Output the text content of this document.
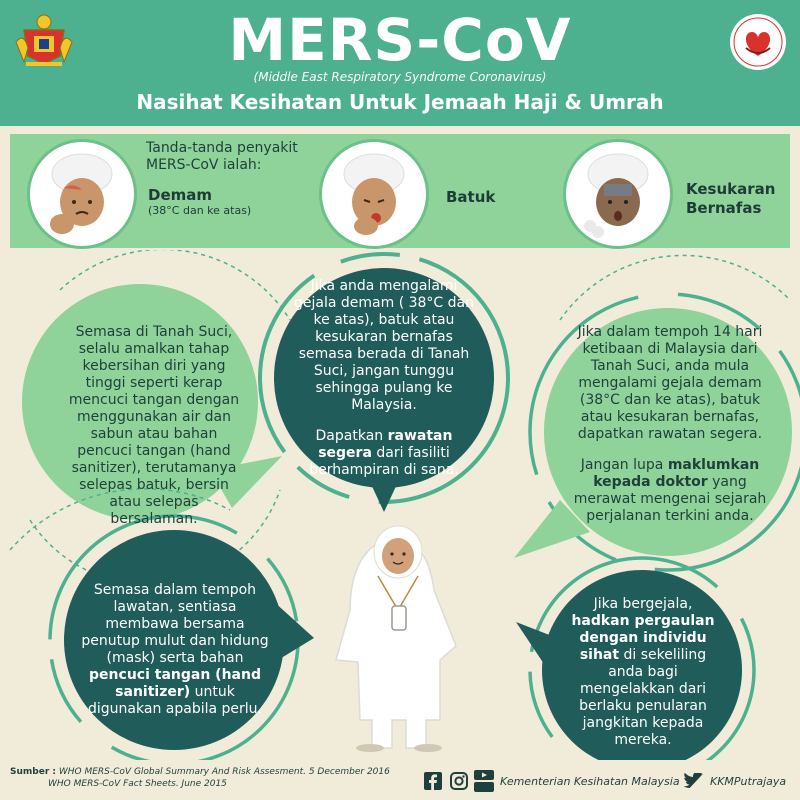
MERS-CoV
(Middle East Respiratory Syndrome Coronavirus)
Nasihat Kesihatan Untuk Jemaah Haji & Umrah
Tanda-tanda penyakit MERS-CoV ialah:
Demam
(38°C dan ke atas)
Batuk	Kesukaran Bernafas
Semasa di Tanah Suci, selalu amalkan tahap kebersihan diri yang tinggi seperti kerap mencuci tangan dengan menggunakan air dan sabun atau bahan pencuci tangan (hand sanitizer), terutamanya selepas batuk, bersin atau selepas bersalaman.

Jika anda mengalami gejala demam ( 38°C dan ke atas), batuk atau kesukaran bernafas semasa berada di Tanah Suci, jangan tunggu sehingga pulang ke Malaysia.

Dapatkan rawatan segera dari fasiliti berhampiran di sana.

Jika dalam tempoh 14 hari ketibaan di Malaysia dari Tanah Suci, anda mula mengalami gejala demam (38°C dan ke atas), batuk atau kesukaran bernafas, dapatkan rawatan segera.

Jangan lupa maklumkan kepada doktor yang merawat mengenai sejarah perjalanan terkini anda.

Semasa dalam tempoh lawatan, sentiasa membawa bersama penutup mulut dan hidung (mask) serta bahan pencuci tangan (hand sanitizer) untuk digunakan apabila perlu.
Jika bergejala, hadkan pergaulan dengan individu sihat di sekeliling anda bagi mengelakkan dari berlaku penularan jangkitan kepada mereka.
Sumber : WHO MERS-CoV Global Summary And Risk Assesment. 5 December 2016
WHO MERS-CoV Fact Sheets. June 2015	Kementerian Kesihatan Malaysia	KKMPutrajaya
